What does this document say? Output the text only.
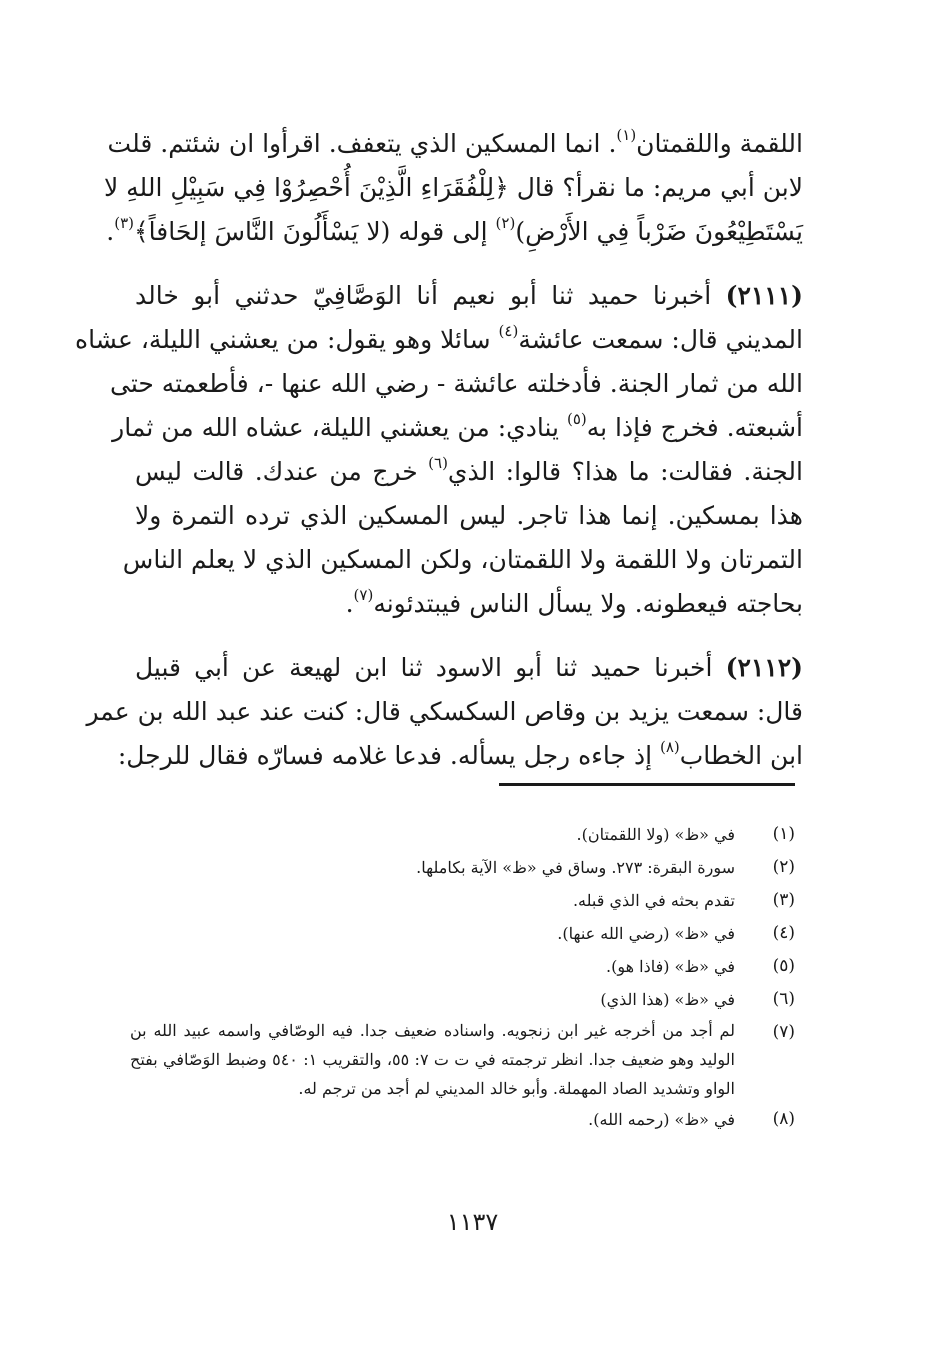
اللقمة واللقمتان$^{(١)}$. انما المسكين الذي يتعفف. اقرأوا ان شئتم. قلت
لابن أبي مريم: ما نقرأ؟ قال ﴿لِلْفُقَرَاءِ الَّذِيْنَ أُحْصِرُوْا فِي سَبِيْلِ اللهِ لا
يَسْتَطِيْعُونَ ضَرْباً فِي الأَرْضِ)$^{(٢)}$ إلى قوله (لا يَسْأَلُونَ النَّاسَ إلحَافاً﴾$^{(٣)}$.
(٢١١١) أخبرنا حميد ثنا أبو نعيم أنا الوَصَّافِيّ حدثني أبو خالد
المديني قال: سمعت عائشة$^{(٤)}$ سائلا وهو يقول: من يعشني الليلة، عشاه
الله من ثمار الجنة. فأدخلته عائشة - رضي الله عنها -، فأطعمته حتى
أشبعته. فخرج فإذا به$^{(٥)}$ ينادي: من يعشني الليلة، عشاه الله من ثمار
الجنة. فقالت: ما هذا؟ قالوا: الذي$^{(٦)}$ خرج من عندك. قالت ليس
هذا بمسكين. إنما هذا تاجر. ليس المسكين الذي ترده التمرة ولا
التمرتان ولا اللقمة ولا اللقمتان، ولكن المسكين الذي لا يعلم الناس
بحاجته فيعطونه. ولا يسأل الناس فيبتدئونه$^{(٧)}$.
(٢١١٢) أخبرنا حميد ثنا أبو الاسود ثنا ابن لهيعة عن أبي قبيل
قال: سمعت يزيد بن وقاص السكسكي قال: كنت عند عبد الله بن عمر
ابن الخطاب$^{(٨)}$ إذ جاءه رجل يسأله. فدعا غلامه فسارّه فقال للرجل:
(١)
في «ظ» (ولا اللقمتان).
(٢)
سورة البقرة: ٢٧٣. وساق في «ظ» الآية بكاملها.
(٣)
تقدم بحثه في الذي قبله.
(٤)
في «ظ» (رضي الله عنها).
(٥)
في «ظ» (فاذا هو).
(٦)
في «ظ» (هذا الذي)
(٧)
لم أجد من أخرجه غير ابن زنجويه. واسناده ضعيف جدا. فيه الوصّافي واسمه عبيد الله بن الوليد وهو ضعيف جدا. انظر ترجمته في ت ت ٧: ٥٥، والتقريب ١: ٥٤٠ وضبط الوَصّافي بفتح الواو وتشديد الصاد المهملة. وأبو خالد المديني لم أجد من ترجم له.
(٨)
في «ظ» (رحمه الله).
١١٣٧
